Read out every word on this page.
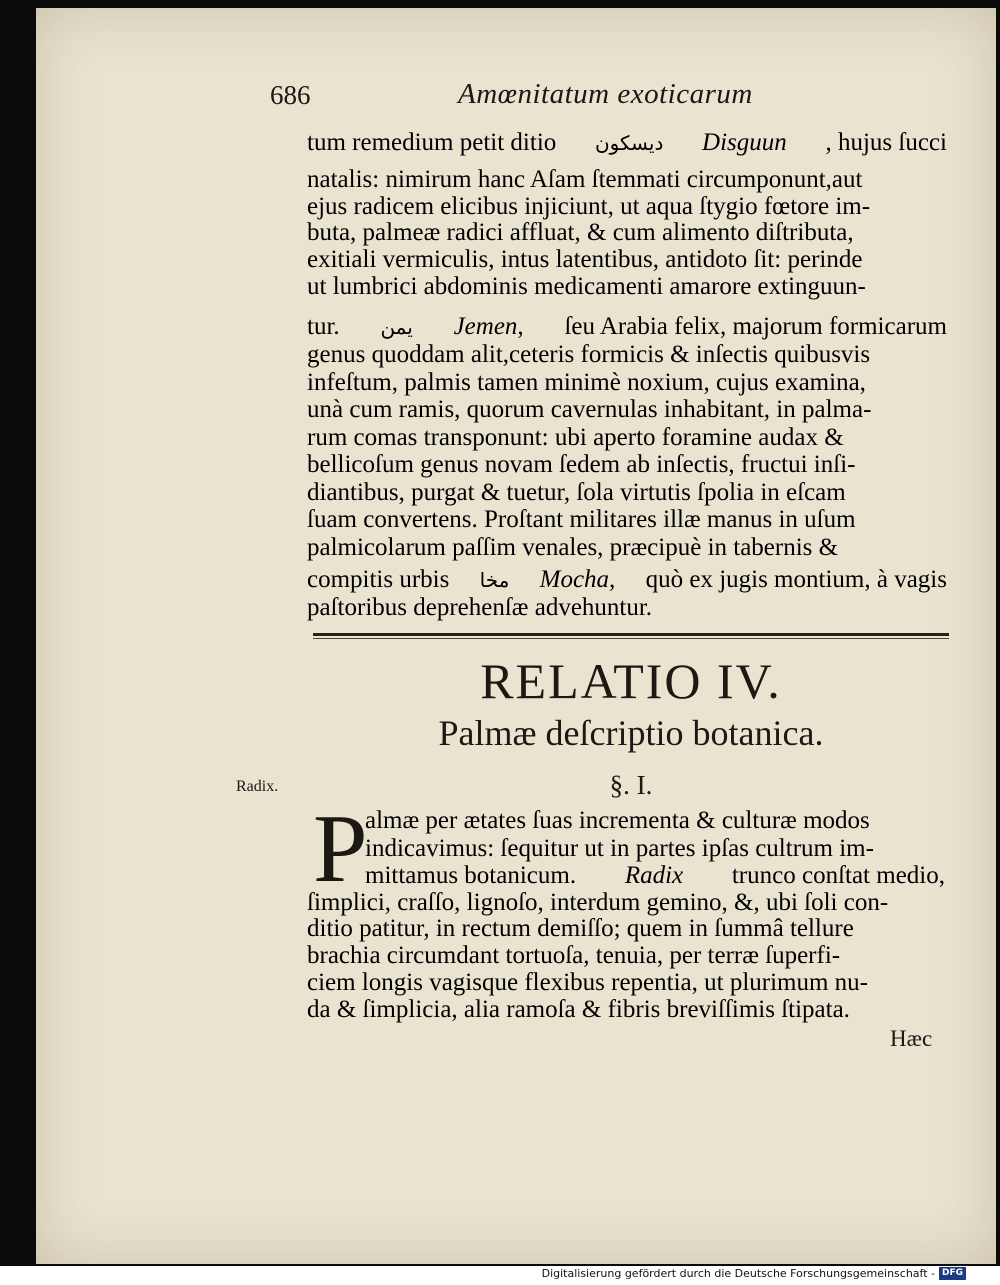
686	Amœnitatum exoticarum
tum remedium petit ditio ديسكون Disguun , hujus ſucci
natalis: nimirum hanc Aſam ſtemmati circumponunt,aut
ejus radicem elicibus injiciunt, ut aqua ſtygio fœtore im-
buta, palmeæ radici affluat, & cum alimento diſtributa,
exitiali vermiculis, intus latentibus, antidoto ſit: perinde
ut lumbrici abdominis medicamenti amarore extinguun-
tur. يمن Jemen, ſeu Arabia felix, majorum formicarum
genus quoddam alit,ceteris formicis & inſectis quibusvis
infeſtum, palmis tamen minimè noxium, cujus examina,
unà cum ramis, quorum cavernulas inhabitant, in palma-
rum comas transponunt: ubi aperto foramine audax &
bellicoſum genus novam ſedem ab inſectis, fructui inſi-
diantibus, purgat & tuetur, ſola virtutis ſpolia in eſcam
ſuam convertens. Proſtant militares illæ manus in uſum
palmicolarum paſſim venales, præcipuè in tabernis &
compitis urbis مخا Mocha, quò ex jugis montium, à vagis
paſtoribus deprehenſæ advehuntur.
RELATIO IV.
Palmæ deſcriptio botanica.
§. I.
Radix.
P
almæ per ætates ſuas incrementa & culturæ modos
indicavimus: ſequitur ut in partes ipſas cultrum im-
mittamus botanicum. Radix trunco conſtat medio,
ſimplici, craſſo, lignoſo, interdum gemino, &, ubi ſoli con-
ditio patitur, in rectum demiſſo; quem in ſummâ tellure
brachia circumdant tortuoſa, tenuia, per terræ ſuperfi-
ciem longis vagisque flexibus repentia, ut plurimum nu-
da & ſimplicia, alia ramoſa & fibris breviſſimis ſtipata.
Hæc
Digitalisierung gefördert durch die Deutsche Forschungsgemeinschaft - DFG
